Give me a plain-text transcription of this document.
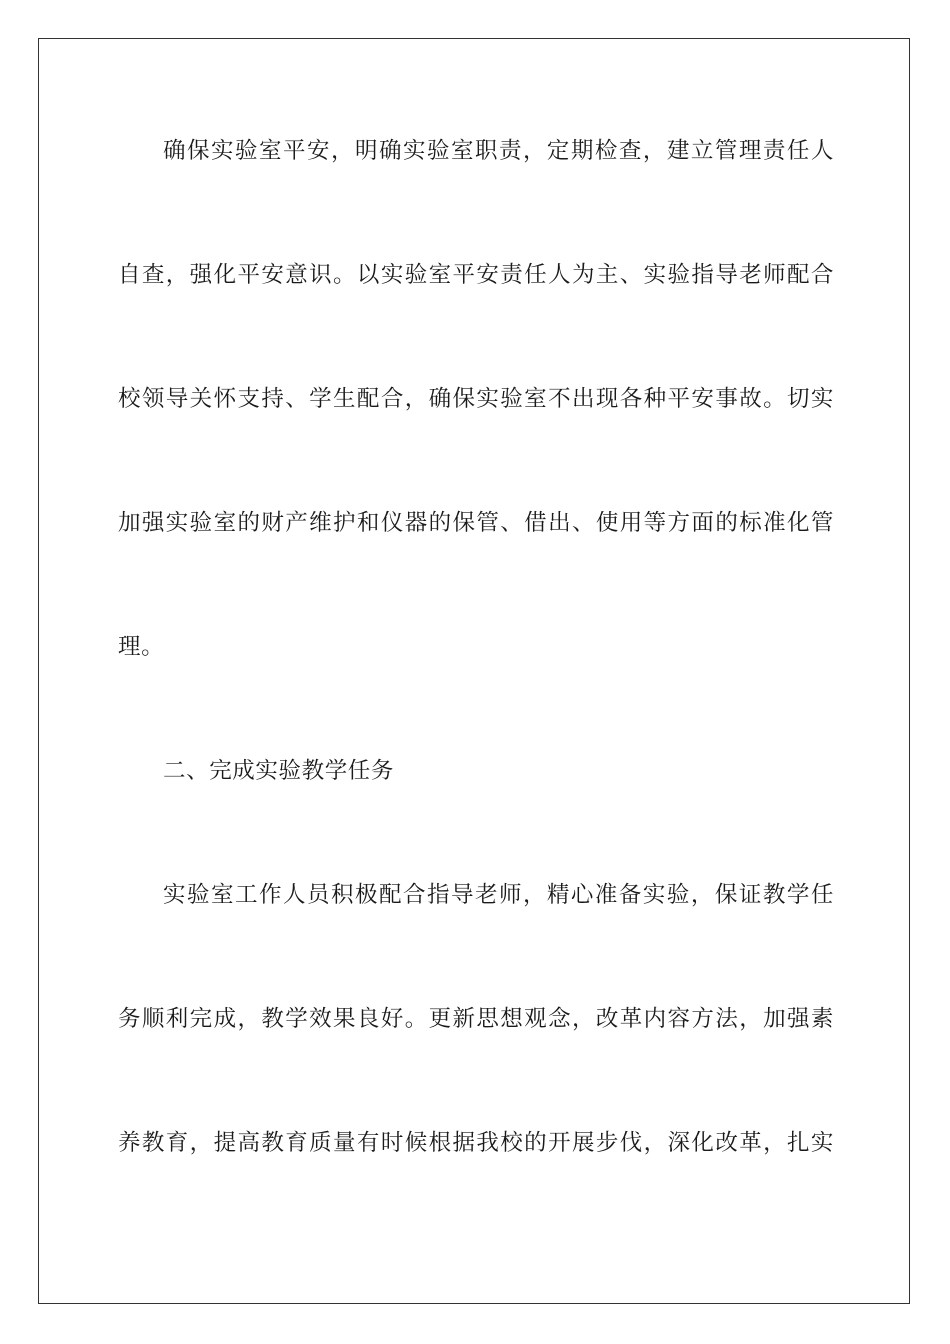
确保实验室平安，明确实验室职责，定期检查，建立管理责任人
自查，强化平安意识。以实验室平安责任人为主、实验指导老师配合
校领导关怀支持、学生配合，确保实验室不出现各种平安事故。切实
加强实验室的财产维护和仪器的保管、借出、使用等方面的标准化管
理。
二、完成实验教学任务
实验室工作人员积极配合指导老师，精心准备实验，保证教学任
务顺利完成，教学效果良好。更新思想观念，改革内容方法，加强素
养教育，提高教育质量有时候根据我校的开展步伐，深化改革，扎实
